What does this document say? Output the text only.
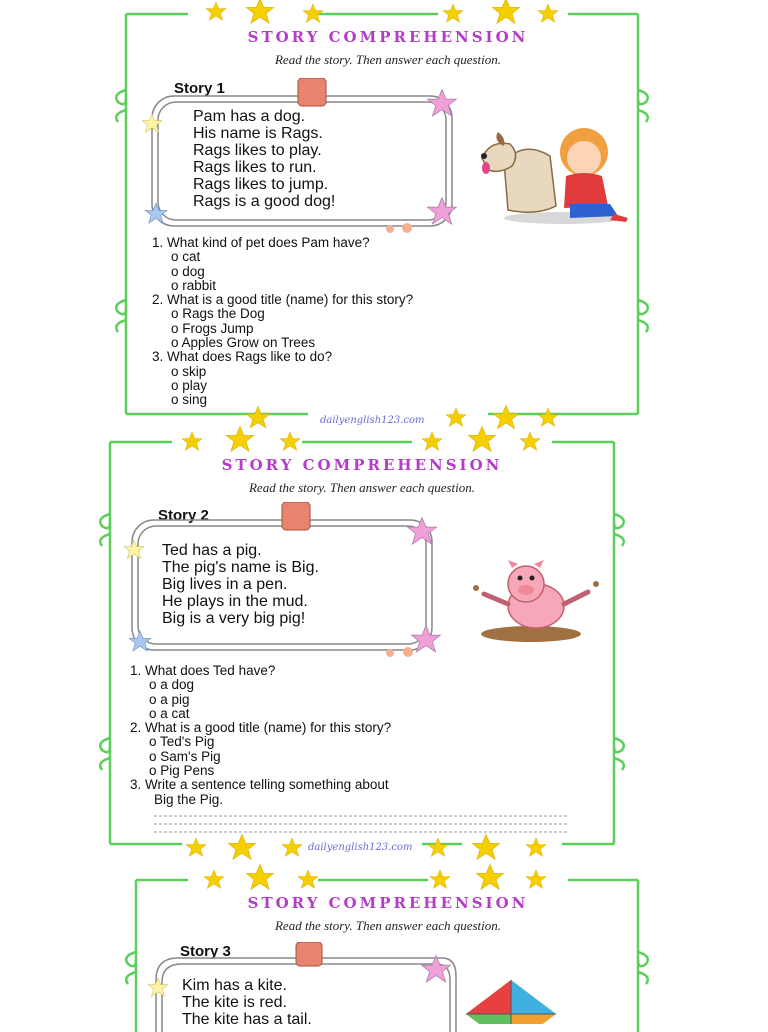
STORY COMPREHENSION
Read the story. Then answer each question.
Story 1
Pam has a dog.
His name is Rags.
Rags likes to play.
Rags likes to run.
Rags likes to jump.
Rags is a good dog!
1. What kind of pet does Pam have?
o cat
o dog
o rabbit
2. What is a good title (name) for this story?
o Rags the Dog
o Frogs Jump
o Apples Grow on Trees
3. What does Rags like to do?
o skip
o play
o sing
dailyenglish123.com
STORY COMPREHENSION
Read the story. Then answer each question.
Story 2
Ted has a pig.
The pig's name is Big.
Big lives in a pen.
He plays in the mud.
Big is a very big pig!
1. What does Ted have?
o a dog
o a pig
o a cat
2. What is a good title (name) for this story?
o Ted's Pig
o Sam's Pig
o Pig Pens
3. Write a sentence telling something about
Big the Pig.
dailyenglish123.com
STORY COMPREHENSION
Read the story. Then answer each question.
Story 3
Kim has a kite.
The kite is red.
The kite has a tail.
